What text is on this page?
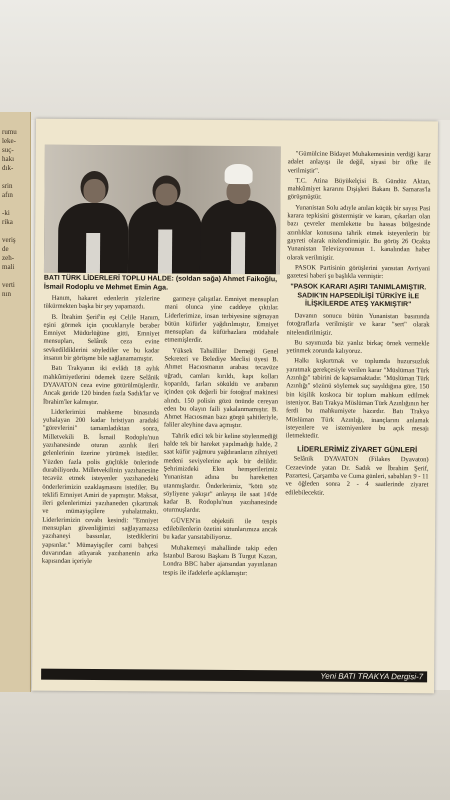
rumu
leke-
suç-
hakı
dık-

srin
afın

-ki
rika

veriş
de
zeh-
mali

verti
nın
BATI TÜRK LİDERLERİ TOPLU HALDE: (soldan sağa) Ahmet Faikoğlu, İsmail Rodoplu ve Mehmet Emin Aga.

Hanım, hakaret edenlerin yüzlerine tükürmekten başka bir şey yapamazdı.

B. İbrahim Şerif'in eşi Celile Hanım, eşini görmek için çocuklarıyle beraber Emniyet Müdürlüğüne gitti, Emniyet mensupları, Selânik ceza evine sevkedildiklerini söylediler ve bu kadar insanın bir görüşme bile sağlanamamıştır.

Batı Trakyanın iki evlâdı 18 aylık mahkûmiyetlerini ödemek üzere Selânik DYAVATON ceza evine götürülmüşlerdir. Ancak geride 120 binden fazla Sadık'lar ve İbrahim'ler kalmıştır.

Liderlerimizi mahkeme binasında yuhalayan 200 kadar hristiyan aradaki "görevlerini" tamamladıktan sonra, Milletvekili B. İsmail Rodoplu'nun yazıhanesinde oturan azınlık ileri gelenlerinin üzerine yürümek istediler. Yüzden fazla polis güçlükle önlerinde durabiliyordu. Milletvekilinin yazıhanesine tecavüz etmek isteyenler yazıhanedeki önderlerimizin uzaklaşmasını istediler. Bu teklifi Emniyet Amiri de yapmıştır. Maksat, ileri gelenlerimizi yazıhaneden çıkartmak ve mümayişçilere yuhalatmaktı. Liderlerimizin cevabı kesindi: "Emniyet mensupları güvenliğimizi sağlayamazsa yazıhaneyi bassınlar, istediklerini yapsınlar." Mümayişçiler cami bahçesi duvarından atlıyarak yazıhanenin arka kapısından içeriyle

garmeye çalışıtlar. Emniyet mensupları mani olunca yine caddeye çıktılar. Liderlerimize, insan terbiyesine sığmayan bütün küfürler yağdırılmıştır, Emniyet mensupları da küfürhazlara müdahale etmemişlerdir.

Yüksek Tahsilliler Derneği Genel Sekreteri ve Belediye Meclisi üyesi B. Ahmet Hacıosmanın arabası tecavüze uğradı, camları kırıldı, kapı kolları koparıldı, farları söküldü ve arabanın içinden çok değerli bir fotoğraf makinesi alındı. 150 polisin gözü önünde cereyan eden bu olayın faili yakalanmamıştır. B. Ahmet Hacıosman bazı görgü şahitleriyle, faliler aleyhine dava açmıştır.

Tahrik edici tek bir keline söylenmediği halde tek bir hareket yapılmadığı halde, 2 saat küfür yağmuru yağdıranların zihniyeti medeni seviyelerine açık bir delildir. Şehrimizdeki Elen hemşerilerimiz Yunanistan adına bu hareketten utanmışlardır. Önderlerimiz, "kötü söz söyliyene yakışır" anlayışı ile saat 14'de kadar B. Rodoplu'nun yazıhanesinde oturmuşlardır.

GÜVEN'in objektifi ile tespis edilebilenlerin özetini sütunlarımıza ancak bu kadar yansıtabiliyoruz.

Muhakemeyi mahallinde takip eden İstanbul Barosu Başkanı B Turgut Kazan, Londra BBC haber ajansından yayınlanan tespis ile ifadelerle açıklamıştır:

"Gümülcine Bidayet Muhakemesinin verdiği karar adalet anlayışı ile değil, siyasi bir öfke ile verilmiştir".

T.C. Atina Büyükelçisi B. Gündüz Aktan, mahkûmiyet kararını Dışişleri Bakanı B. Samaras'la görüşmüştür.

Yunanistan Solu adıyle anılan küçük bir sayısı Pasi karara tepkisini göstermiştir ve kararı, çıkarları olan bazı çevreler memlekette bu hassas bölgesinde azınlıklar konusuna tahrik etmek isteyenlerin bir gayreti olarak nitelendirmiştir. Bu görüş 26 Ocakta Yunanistan Televizyonunun 1. kanalından haber olarak verilmiştir.

PASOK Partisinin görüşlerini yansıtan Avriyani gazetesi haberi şu başlıkla vermiştir:

"PASOK KARARI AŞIRI TANIMLAMIŞTIR. SADIK'IN HAPSEDİLİŞİ TÜRKİYE İLE İLİŞKİLERDE ATEŞ YAKMIŞTIR"

Davanın sonucu bütün Yunanistan basınında fotoğraflarla verilmiştir ve karar "sert" olarak nitelendirilmiştir.

Bu sayımızda biz yanlız birkaç örnek vermekle yetinmek zorunda kalıyoruz.

Halkı kışkırtmak ve toplumda huzursuzluk yaratmak gerekçesiyle verilen karar "Müslüman Türk Azınlığı" tabirini de kapsamaktadır. "Müslüman Türk Azınlığı" sözünü söylemek suç sayıldığına göre, 150 bin kişilik koskoca bir toplum mahkum edilmek isteniyor. Batı Trakya Müslüman Türk Azınlığının her ferdi bu mahkumiyete hazırdır. Batı Trakya Müslüman Türk Azınlığı, inançlarını anlamak isteyenlere ve istemiyenlere bu açık mesajı iletmektedir.

LİDERLERİMİZ ZİYARET GÜNLERİ

Selânik DYAVATON (Filakes Dyavaton) Cezaevinde yatan Dr. Sadık ve İbrahim Şerif, Pazartesi, Çarşamba ve Cuma günleri, sabahları 9 - 11 ve öğleden sonra 2 - 4 saatlerinde ziyaret edilebilecektir.

Yeni BATI TRAKYA Dergisi-7
